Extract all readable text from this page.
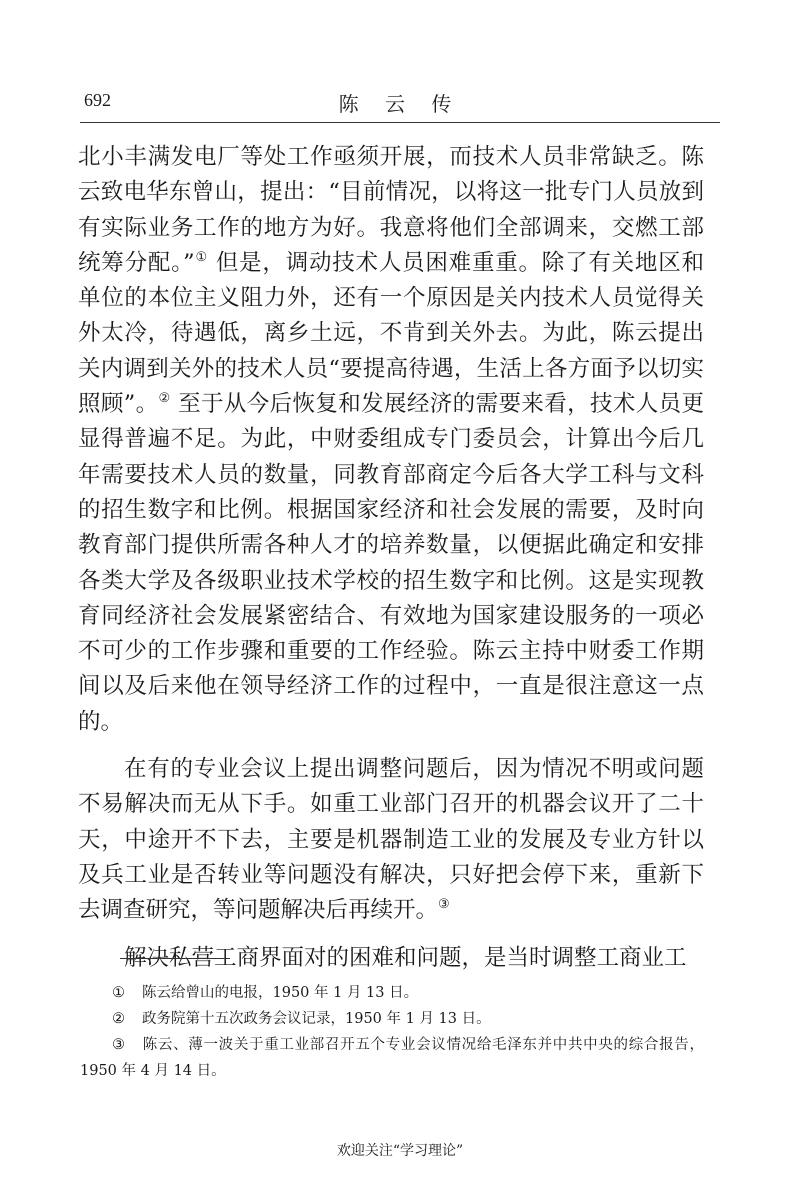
692	陈 云 传

北小丰满发电厂等处工作亟须开展，而技术人员非常缺乏。陈云致电华东曾山，提出：“目前情况，以将这一批专门人员放到有实际业务工作的地方为好。我意将他们全部调来，交燃工部统筹分配。”① 但是，调动技术人员困难重重。除了有关地区和单位的本位主义阻力外，还有一个原因是关内技术人员觉得关外太冷，待遇低，离乡土远，不肯到关外去。为此，陈云提出关内调到关外的技术人员“要提高待遇，生活上各方面予以切实照顾”。② 至于从今后恢复和发展经济的需要来看，技术人员更显得普遍不足。为此，中财委组成专门委员会，计算出今后几年需要技术人员的数量，同教育部商定今后各大学工科与文科的招生数字和比例。根据国家经济和社会发展的需要，及时向教育部门提供所需各种人才的培养数量，以便据此确定和安排各类大学及各级职业技术学校的招生数字和比例。这是实现教育同经济社会发展紧密结合、有效地为国家建设服务的一项必不可少的工作步骤和重要的工作经验。陈云主持中财委工作期间以及后来他在领导经济工作的过程中，一直是很注意这一点的。

在有的专业会议上提出调整问题后，因为情况不明或问题不易解决而无从下手。如重工业部门召开的机器会议开了二十天，中途开不下去，主要是机器制造工业的发展及专业方针以及兵工业是否转业等问题没有解决，只好把会停下来，重新下去调查研究，等问题解决后再续开。③

解决私营工商界面对的困难和问题，是当时调整工商业工

① 陈云给曾山的电报，1950 年 1 月 13 日。

② 政务院第十五次政务会议记录，1950 年 1 月 13 日。

③ 陈云、薄一波关于重工业部召开五个专业会议情况给毛泽东并中共中央的综合报告，1950 年 4 月 14 日。

欢迎关注“学习理论”
